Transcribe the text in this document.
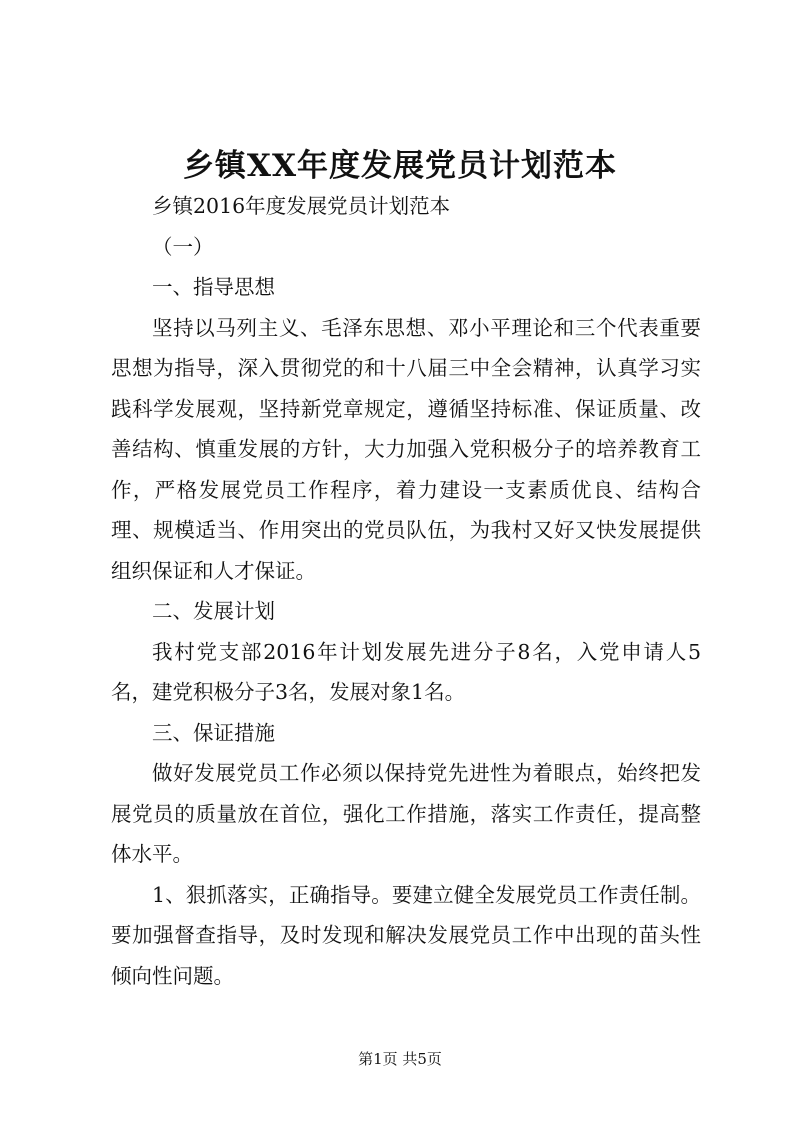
乡镇XX年度发展党员计划范本

乡镇2016年度发展党员计划范本

（一）

一、指导思想

坚持以马列主义、毛泽东思想、邓小平理论和三个代表重要思想为指导，深入贯彻党的和十八届三中全会精神，认真学习实践科学发展观，坚持新党章规定，遵循坚持标准、保证质量、改善结构、慎重发展的方针，大力加强入党积极分子的培养教育工作，严格发展党员工作程序，着力建设一支素质优良、结构合理、规模适当、作用突出的党员队伍，为我村又好又快发展提供组织保证和人才保证。

二、发展计划

我村党支部2016年计划发展先进分子8名，入党申请人5名，建党积极分子3名，发展对象1名。

三、保证措施

做好发展党员工作必须以保持党先进性为着眼点，始终把发展党员的质量放在首位，强化工作措施，落实工作责任，提高整体水平。

1、狠抓落实，正确指导。要建立健全发展党员工作责任制。要加强督查指导，及时发现和解决发展党员工作中出现的苗头性倾向性问题。

第1页 共5页
